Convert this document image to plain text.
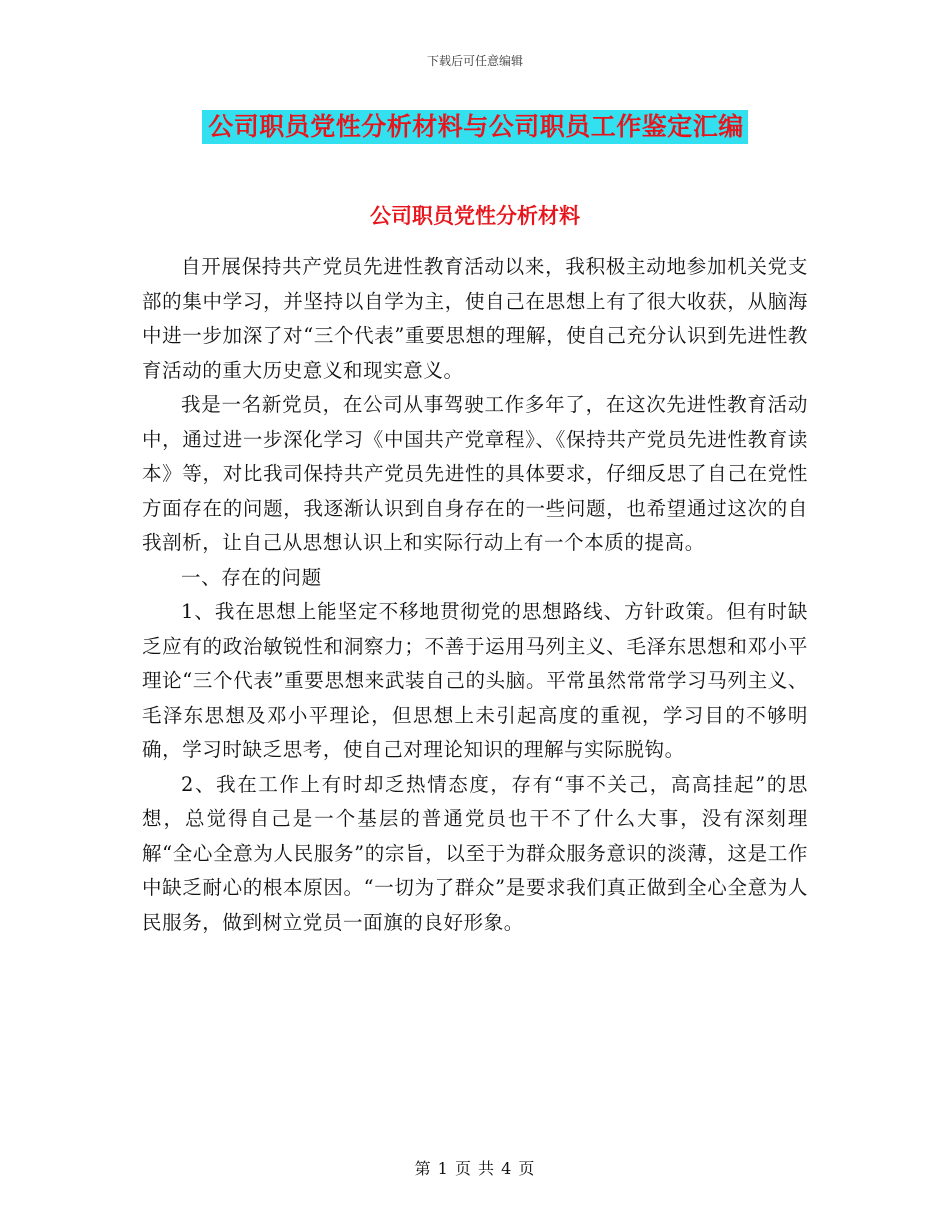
下载后可任意编辑
公司职员党性分析材料与公司职员工作鉴定汇编
公司职员党性分析材料

自开展保持共产党员先进性教育活动以来，我积极主动地参加机关党支部的集中学习，并坚持以自学为主，使自己在思想上有了很大收获，从脑海中进一步加深了对“三个代表”重要思想的理解，使自己充分认识到先进性教育活动的重大历史意义和现实意义。

我是一名新党员，在公司从事驾驶工作多年了，在这次先进性教育活动中，通过进一步深化学习《中国共产党章程》、《保持共产党员先进性教育读本》等，对比我司保持共产党员先进性的具体要求，仔细反思了自己在党性方面存在的问题，我逐渐认识到自身存在的一些问题，也希望通过这次的自我剖析，让自己从思想认识上和实际行动上有一个本质的提高。

一、存在的问题

1、我在思想上能坚定不移地贯彻党的思想路线、方针政策。但有时缺乏应有的政治敏锐性和洞察力；不善于运用马列主义、毛泽东思想和邓小平理论“三个代表”重要思想来武装自己的头脑。平常虽然常常学习马列主义、毛泽东思想及邓小平理论，但思想上未引起高度的重视，学习目的不够明确，学习时缺乏思考，使自己对理论知识的理解与实际脱钩。

2、我在工作上有时却乏热情态度，存有“事不关己，高高挂起”的思想，总觉得自己是一个基层的普通党员也干不了什么大事，没有深刻理解“全心全意为人民服务”的宗旨，以至于为群众服务意识的淡薄，这是工作中缺乏耐心的根本原因。“一切为了群众”是要求我们真正做到全心全意为人民服务，做到树立党员一面旗的良好形象。

第 1 页 共 4 页
